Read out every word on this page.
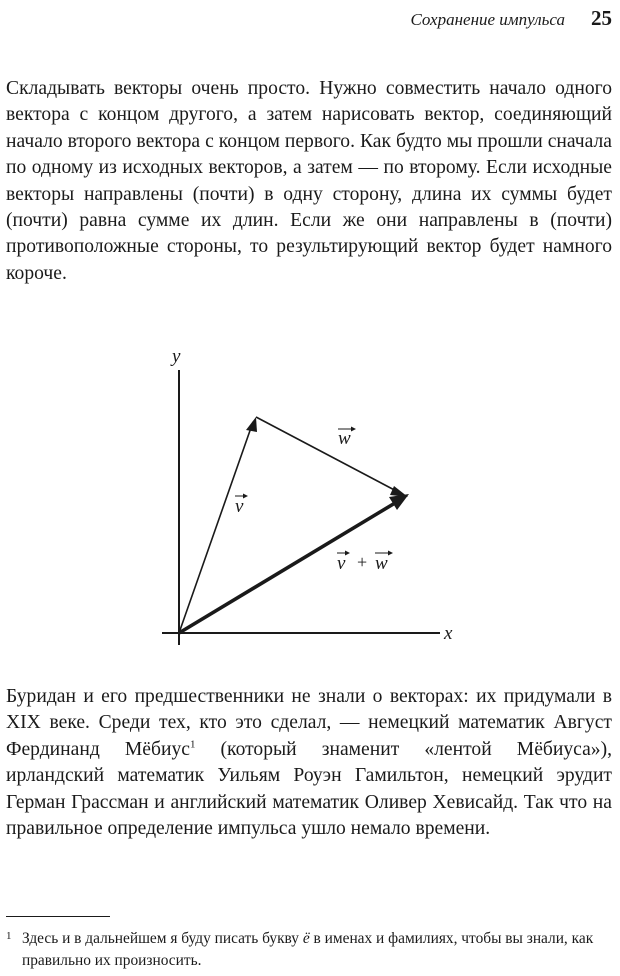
Сохранение импульса 25

Складывать векторы очень просто. Нужно совместить начало одного вектора с концом другого, а затем нарисовать вектор, соединяющий начало второго вектора с концом первого. Как будто мы прошли сначала по одному из исходных векторов, а затем — по второму. Если исходные векторы направлены (почти) в одну сторону, длина их суммы будет (почти) равна сумме их длин. Если же они направлены в (почти) противоположные стороны, то результирующий вектор будет намного короче.

y
x
v
w
v + w

Буридан и его предшественники не знали о векторах: их придумали в XIX веке. Среди тех, кто это сделал, — немецкий математик Август Фердинанд Мёбиус$^1$ (который знаменит «лентой Мёбиуса»), ирландский математик Уильям Роуэн Гамильтон, немецкий эрудит Герман Грассман и английский математик Оливер Хевисайд. Так что на правильное определение импульса ушло немало времени.

1 Здесь и в дальнейшем я буду писать букву ё в именах и фамилиях, чтобы вы знали, как правильно их произносить.
